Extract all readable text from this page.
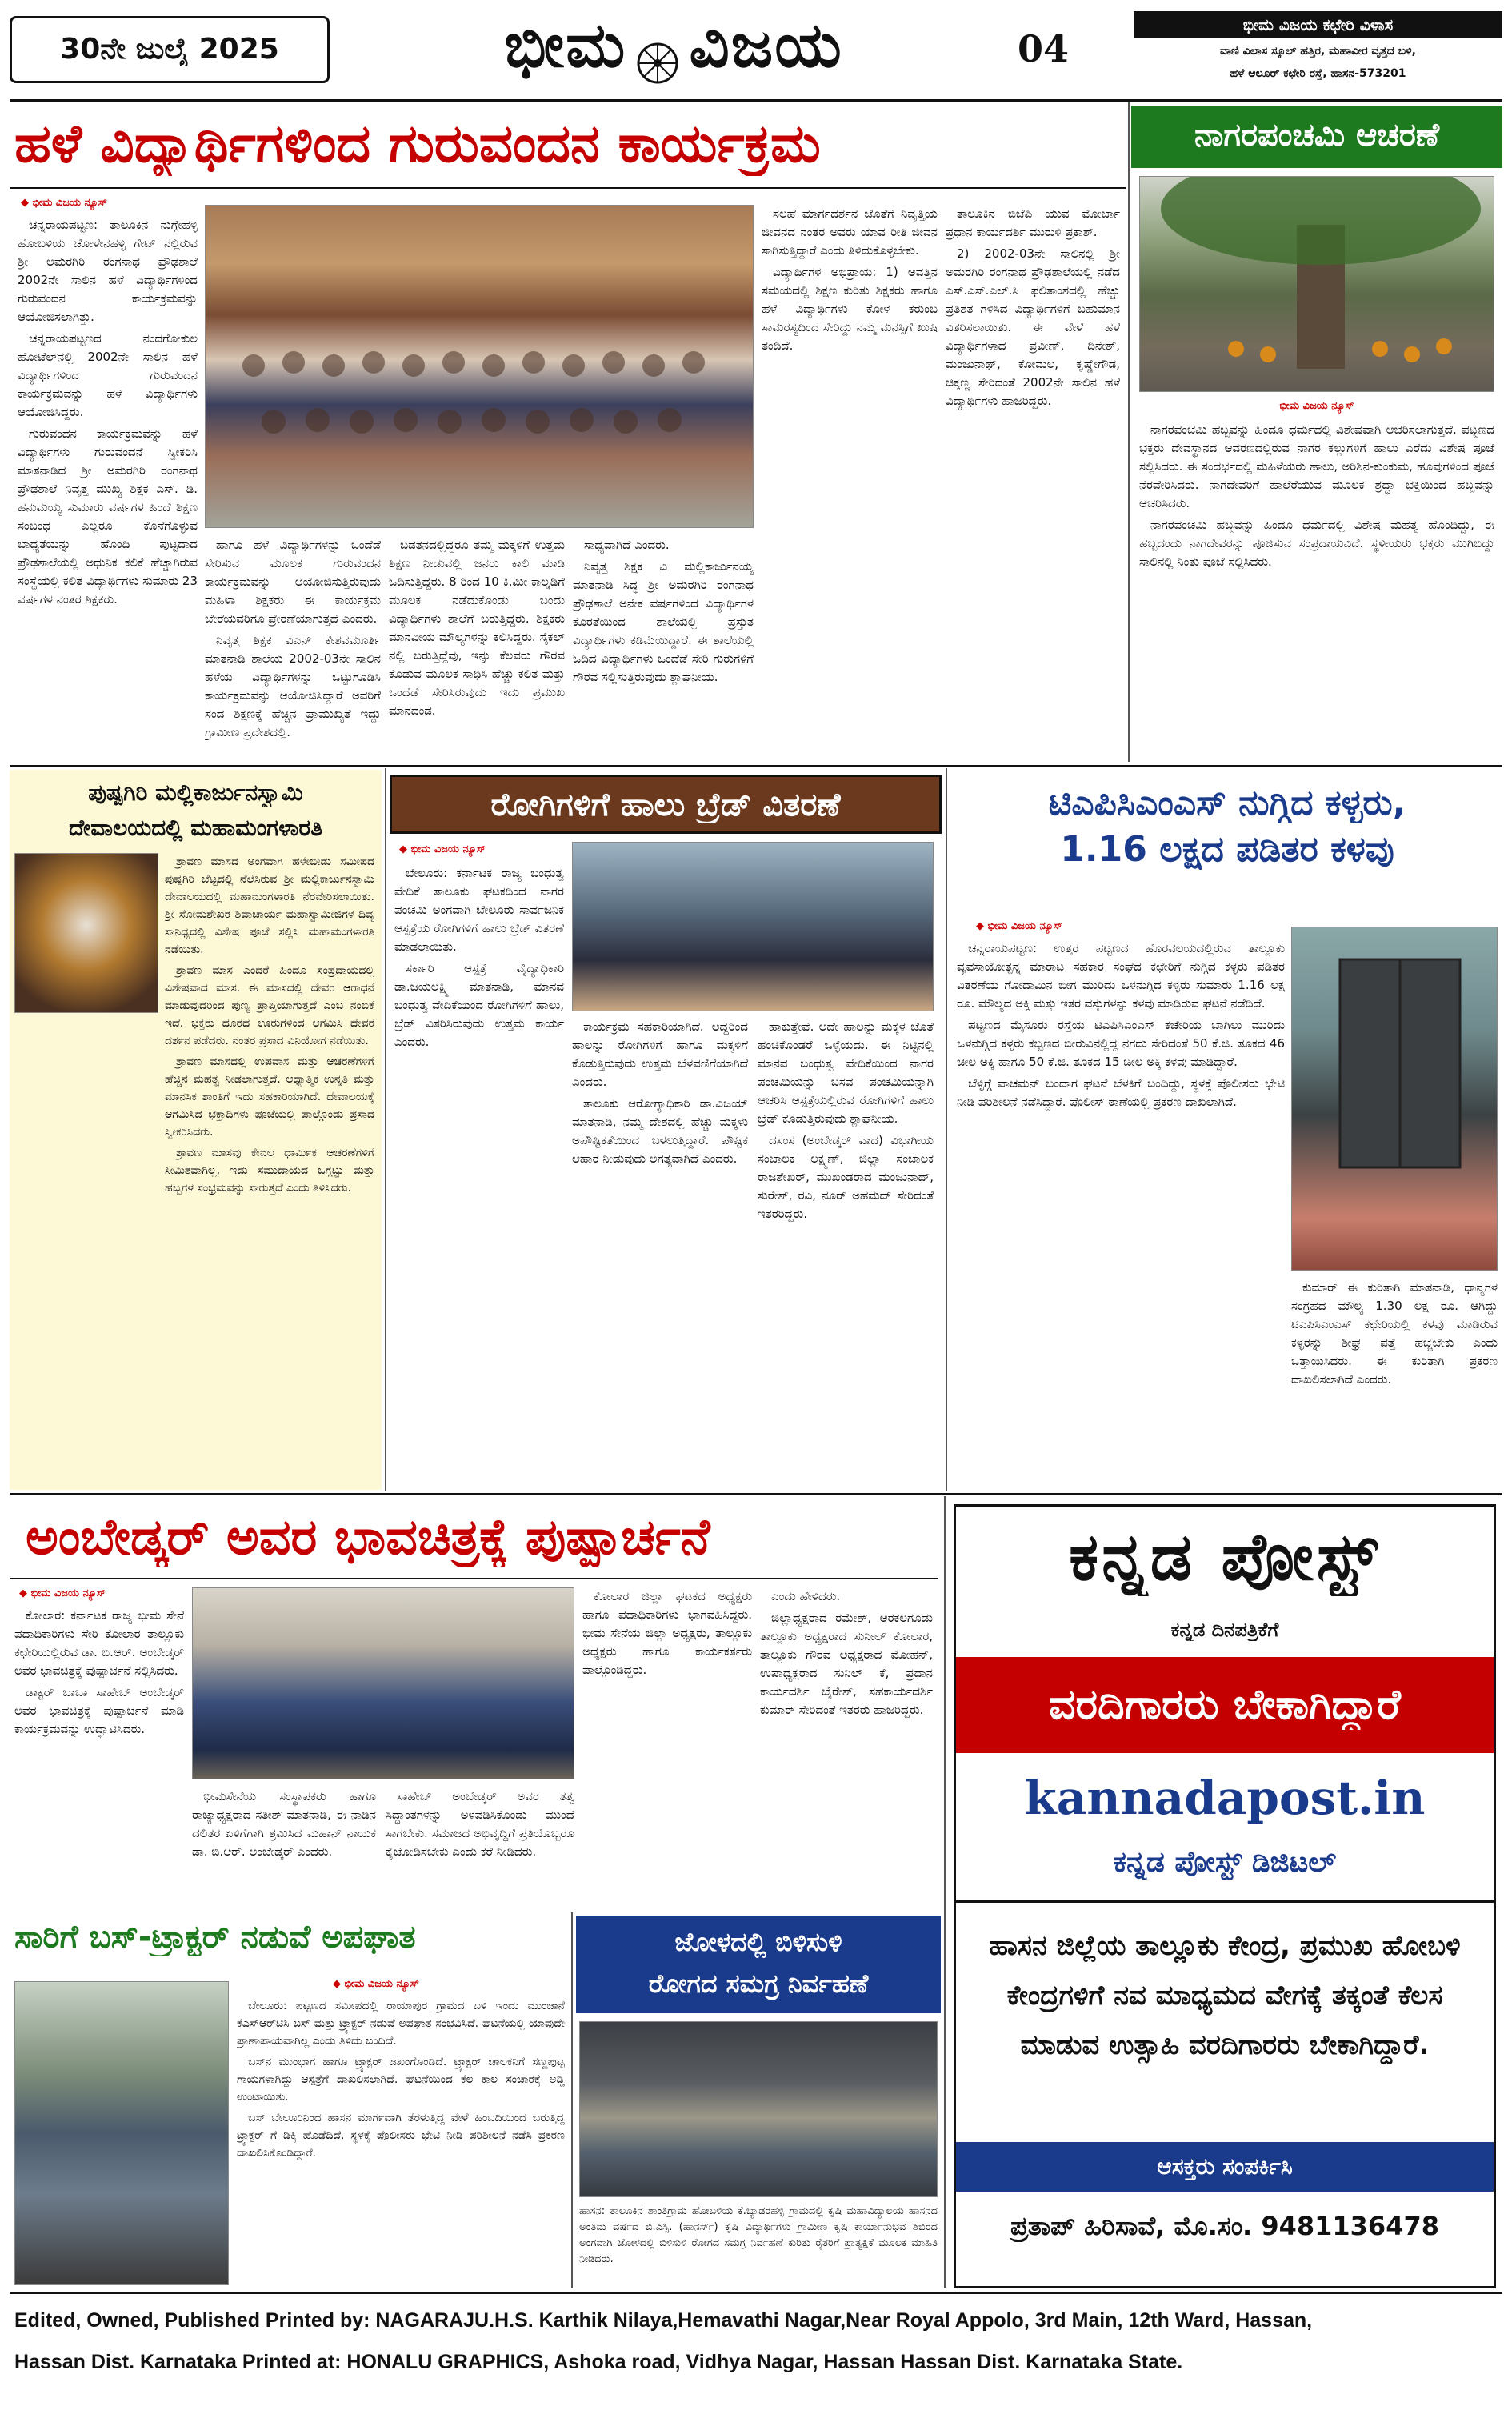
30ನೇ ಜುಲೈ 2025	ಭೀಮ ವಿಜಯ	04
ಭೀಮ ವಿಜಯ ಕಛೇರಿ ವಿಳಾಸ
ವಾಣಿ ವಿಲಾಸ ಸ್ಕೂಲ್ ಹತ್ತಿರ, ಮಹಾವೀರ ವೃತ್ತದ ಬಳಿ,
ಹಳೆ ಆಲೂರ್ ಕಛೇರಿ ರಸ್ತೆ, ಹಾಸನ-573201
ಹಳೆ ವಿದ್ಯಾರ್ಥಿಗಳಿಂದ ಗುರುವಂದನ ಕಾರ್ಯಕ್ರಮ
◆ ಭೀಮ ವಿಜಯ ನ್ಯೂಸ್

ಚನ್ನರಾಯಪಟ್ಟಣ: ತಾಲೂಕಿನ ನುಗ್ಗೇಹಳ್ಳಿ ಹೋಬಳಿಯ ಚೋಳೇನಹಳ್ಳಿ ಗೇಟ್ ನಲ್ಲಿರುವ ಶ್ರೀ ಅಮರಗಿರಿ ರಂಗನಾಥ ಪ್ರೌಢಶಾಲೆ 2002ನೇ ಸಾಲಿನ ಹಳೆ ವಿದ್ಯಾರ್ಥಿಗಳಿಂದ ಗುರುವಂದನ ಕಾರ್ಯಕ್ರಮವನ್ನು ಆಯೋಜಿಸಲಾಗಿತ್ತು.

ಚನ್ನರಾಯಪಟ್ಟಣದ ನಂದಗೋಕುಲ ಹೋಟೆಲ್‌ನಲ್ಲಿ 2002ನೇ ಸಾಲಿನ ಹಳೆ ವಿದ್ಯಾರ್ಥಿಗಳಿಂದ ಗುರುವಂದನ ಕಾರ್ಯಕ್ರಮವನ್ನು ಹಳೆ ವಿದ್ಯಾರ್ಥಿಗಳು ಆಯೋಜಿಸಿದ್ದರು.

ಗುರುವಂದನ ಕಾರ್ಯಕ್ರಮವನ್ನು ಹಳೆ ವಿದ್ಯಾರ್ಥಿಗಳು ಗುರುವಂದನೆ ಸ್ವೀಕರಿಸಿ ಮಾತನಾಡಿದ ಶ್ರೀ ಅಮರಗಿರಿ ರಂಗನಾಥ ಪ್ರೌಢಶಾಲೆ ನಿವೃತ್ತ ಮುಖ್ಯ ಶಿಕ್ಷಕ ಎಸ್. ಡಿ. ಹನುಮಯ್ಯ ಸುಮಾರು ವರ್ಷಗಳ ಹಿಂದೆ ಶಿಕ್ಷಣ ಸಂಬಂಧ ಎಲ್ಲರೂ ಕೊನೆಗೊಳ್ಳುವ ಬಾಧ್ಯತೆಯನ್ನು ಹೊಂದಿ ಪುಟ್ಟದಾದ ಪ್ರೌಢಶಾಲೆಯಲ್ಲಿ ಅಧುನಿಕ ಕಲಿಕೆ ಹೆಚ್ಚಾಗಿರುವ ಸಂಸ್ಥೆಯಲ್ಲಿ ಕಲಿತ ವಿದ್ಯಾರ್ಥಿಗಳು ಸುಮಾರು 23 ವರ್ಷಗಳ ನಂತರ ಶಿಕ್ಷಕರು.

ಹಾಗೂ ಹಳೆ ವಿದ್ಯಾರ್ಥಿಗಳನ್ನು ಒಂದೆಡೆ ಸೇರಿಸುವ ಮೂಲಕ ಗುರುವಂದನ ಕಾರ್ಯಕ್ರಮವನ್ನು ಆಯೋಜಿಸುತ್ತಿರುವುದು ಮಹಿಳಾ ಶಿಕ್ಷಕರು ಈ ಕಾರ್ಯಕ್ರಮ ಬೇರೆಯವರಿಗೂ ಪ್ರೇರಣೆಯಾಗುತ್ತದೆ ಎಂದರು.

ನಿವೃತ್ತ ಶಿಕ್ಷಕ ವಿಎನ್ ಕೇಶವಮೂರ್ತಿ ಮಾತನಾಡಿ ಶಾಲೆಯ 2002-03ನೇ ಸಾಲಿನ ಹಳೆಯ ವಿದ್ಯಾರ್ಥಿಗಳನ್ನು ಒಟ್ಟುಗೂಡಿಸಿ ಕಾರ್ಯಕ್ರಮವನ್ನು ಆಯೋಜಿಸಿದ್ದಾರೆ ಅವರಿಗೆ ಸಂದ ಶಿಕ್ಷಣಕ್ಕೆ ಹೆಚ್ಚಿನ ಪ್ರಾಮುಖ್ಯತೆ ಇದ್ದು ಗ್ರಾಮೀಣ ಪ್ರದೇಶದಲ್ಲಿ.

ಬಡತನದಲ್ಲಿದ್ದರೂ ತಮ್ಮ ಮಕ್ಕಳಿಗೆ ಉತ್ತಮ ಶಿಕ್ಷಣ ನೀಡುವಲ್ಲಿ ಜನರು ಕಾಲಿ ಮಾಡಿ ಓದಿಸುತ್ತಿದ್ದರು. 8 ರಿಂದ 10 ಕಿ.ಮೀ ಕಾಲ್ನಡಿಗೆ ಮೂಲಕ ನಡೆದುಕೊಂಡು ಬಂದು ವಿದ್ಯಾರ್ಥಿಗಳು ಶಾಲೆಗೆ ಬರುತ್ತಿದ್ದರು. ಶಿಕ್ಷಕರು ಮಾನವೀಯ ಮೌಲ್ಯಗಳನ್ನು ಕಲಿಸಿದ್ದರು. ಸೈಕಲ್ ನಲ್ಲಿ ಬರುತ್ತಿದ್ದೆವು, ಇನ್ನು ಕೆಲವರು ಗೌರವ ಕೊಡುವ ಮೂಲಕ ಸಾಧಿಸಿ ಹೆಚ್ಚು ಕಲಿತ ಮತ್ತು ಒಂದೆಡೆ ಸೇರಿಸಿರುವುದು ಇದು ಪ್ರಮುಖ ಮಾನದಂಡ.

ಸಾಧ್ಯವಾಗಿದೆ ಎಂದರು.

ನಿವೃತ್ತ ಶಿಕ್ಷಕ ವಿ ಮಲ್ಲಿಕಾರ್ಜುನಯ್ಯ ಮಾತನಾಡಿ ಸಿದ್ಧ ಶ್ರೀ ಅಮರಗಿರಿ ರಂಗನಾಥ ಪ್ರೌಢಶಾಲೆ ಅನೇಕ ವರ್ಷಗಳಿಂದ ವಿದ್ಯಾರ್ಥಿಗಳ ಕೊರತೆಯಿಂದ ಶಾಲೆಯಲ್ಲಿ ಪ್ರಸ್ತುತ ವಿದ್ಯಾರ್ಥಿಗಳು ಕಡಿಮೆಯಿದ್ದಾರೆ. ಈ ಶಾಲೆಯಲ್ಲಿ ಓದಿದ ವಿದ್ಯಾರ್ಥಿಗಳು ಒಂದೆಡೆ ಸೇರಿ ಗುರುಗಳಿಗೆ ಗೌರವ ಸಲ್ಲಿಸುತ್ತಿರುವುದು ಶ್ಲಾಘನೀಯ.

ಸಲಹೆ ಮಾರ್ಗದರ್ಶನ ಜೊತೆಗೆ ನಿವೃತ್ತಿಯ ಜೀವನದ ನಂತರ ಅವರು ಯಾವ ರೀತಿ ಜೀವನ ಸಾಗಿಸುತ್ತಿದ್ದಾರೆ ಎಂದು ತಿಳಿದುಕೊಳ್ಳಬೇಕು.

ವಿದ್ಯಾರ್ಥಿಗಳ ಅಭಿಪ್ರಾಯ: 1) ಅವತ್ತಿನ ಸಮಯದಲ್ಲಿ ಶಿಕ್ಷಣ ಕುರಿತು ಶಿಕ್ಷಕರು ಹಾಗೂ ಹಳೆ ವಿದ್ಯಾರ್ಥಿಗಳು ಕೋಳ ಕರುಂಬ ಸಾಮರಸ್ಯದಿಂದ ಸೇರಿದ್ದು ನಮ್ಮ ಮನಸ್ಸಿಗೆ ಖುಷಿ ತಂದಿದೆ.

ತಾಲೂಕಿನ ಬಿಜೆಪಿ ಯುವ ಮೋರ್ಚಾ ಪ್ರಧಾನ ಕಾರ್ಯದರ್ಶಿ ಮುರುಳಿ ಪ್ರಕಾಶ್.

2) 2002-03ನೇ ಸಾಲಿನಲ್ಲಿ ಶ್ರೀ ಅಮರಗಿರಿ ರಂಗನಾಥ ಪ್ರೌಢಶಾಲೆಯಲ್ಲಿ ನಡೆದ ಎಸ್.ಎಸ್.ಎಲ್.ಸಿ ಫಲಿತಾಂಶದಲ್ಲಿ ಹೆಚ್ಚು ಪ್ರತಿಶತ ಗಳಿಸಿದ ವಿದ್ಯಾರ್ಥಿಗಳಿಗೆ ಬಹುಮಾನ ವಿತರಿಸಲಾಯಿತು. ಈ ವೇಳೆ ಹಳೆ ವಿದ್ಯಾರ್ಥಿಗಳಾದ ಪ್ರವೀಣ್, ದಿನೇಶ್, ಮಂಜುನಾಥ್, ಕೋಮಲ, ಕೃಷ್ಣೇಗೌಡ, ಚಿಕ್ಕಣ್ಣ ಸೇರಿದಂತೆ 2002ನೇ ಸಾಲಿನ ಹಳೆ ವಿದ್ಯಾರ್ಥಿಗಳು ಹಾಜರಿದ್ದರು.

ನಾಗರಪಂಚಮಿ ಆಚರಣೆ
ಭೀಮ ವಿಜಯ ನ್ಯೂಸ್

ನಾಗರಪಂಚಮಿ ಹಬ್ಬವನ್ನು ಹಿಂದೂ ಧರ್ಮದಲ್ಲಿ ವಿಶೇಷವಾಗಿ ಆಚರಿಸಲಾಗುತ್ತದೆ. ಪಟ್ಟಣದ ಭಕ್ತರು ದೇವಸ್ಥಾನದ ಆವರಣದಲ್ಲಿರುವ ನಾಗರ ಕಲ್ಲುಗಳಿಗೆ ಹಾಲು ಎರೆದು ವಿಶೇಷ ಪೂಜೆ ಸಲ್ಲಿಸಿದರು. ಈ ಸಂದರ್ಭದಲ್ಲಿ ಮಹಿಳೆಯರು ಹಾಲು, ಅರಿಶಿನ-ಕುಂಕುಮ, ಹೂವುಗಳಿಂದ ಪೂಜೆ ನೆರವೇರಿಸಿದರು. ನಾಗದೇವರಿಗೆ ಹಾಲೆರೆಯುವ ಮೂಲಕ ಶ್ರದ್ಧಾ ಭಕ್ತಿಯಿಂದ ಹಬ್ಬವನ್ನು ಆಚರಿಸಿದರು.

ನಾಗರಪಂಚಮಿ ಹಬ್ಬವನ್ನು ಹಿಂದೂ ಧರ್ಮದಲ್ಲಿ ವಿಶೇಷ ಮಹತ್ವ ಹೊಂದಿದ್ದು, ಈ ಹಬ್ಬದಂದು ನಾಗದೇವರನ್ನು ಪೂಜಿಸುವ ಸಂಪ್ರದಾಯವಿದೆ. ಸ್ಥಳೀಯರು ಭಕ್ತರು ಮುಗಿಬಿದ್ದು ಸಾಲಿನಲ್ಲಿ ನಿಂತು ಪೂಜೆ ಸಲ್ಲಿಸಿದರು.

ಪುಷ್ಪಗಿರಿ ಮಲ್ಲಿಕಾರ್ಜುನಸ್ವಾಮಿ
ದೇವಾಲಯದಲ್ಲಿ ಮಹಾಮಂಗಳಾರತಿ

ಶ್ರಾವಣ ಮಾಸದ ಅಂಗವಾಗಿ ಹಳೇಬೀಡು ಸಮೀಪದ ಪುಷ್ಪಗಿರಿ ಬೆಟ್ಟದಲ್ಲಿ ನೆಲೆಸಿರುವ ಶ್ರೀ ಮಲ್ಲಿಕಾರ್ಜುನಸ್ವಾಮಿ ದೇವಾಲಯದಲ್ಲಿ ಮಹಾಮಂಗಳಾರತಿ ನೆರವೇರಿಸಲಾಯಿತು. ಶ್ರೀ ಸೋಮಶೇಖರ ಶಿವಾಚಾರ್ಯ ಮಹಾಸ್ವಾಮೀಜಿಗಳ ದಿವ್ಯ ಸಾನಿಧ್ಯದಲ್ಲಿ ವಿಶೇಷ ಪೂಜೆ ಸಲ್ಲಿಸಿ ಮಹಾಮಂಗಳಾರತಿ ನಡೆಯಿತು.

ಶ್ರಾವಣ ಮಾಸ ಎಂದರೆ ಹಿಂದೂ ಸಂಪ್ರದಾಯದಲ್ಲಿ ವಿಶೇಷವಾದ ಮಾಸ. ಈ ಮಾಸದಲ್ಲಿ ದೇವರ ಆರಾಧನೆ ಮಾಡುವುದರಿಂದ ಪುಣ್ಯ ಪ್ರಾಪ್ತಿಯಾಗುತ್ತದೆ ಎಂಬ ನಂಬಿಕೆ ಇದೆ. ಭಕ್ತರು ದೂರದ ಊರುಗಳಿಂದ ಆಗಮಿಸಿ ದೇವರ ದರ್ಶನ ಪಡೆದರು. ನಂತರ ಪ್ರಸಾದ ವಿನಿಯೋಗ ನಡೆಯಿತು.

ಶ್ರಾವಣ ಮಾಸದಲ್ಲಿ ಉಪವಾಸ ಮತ್ತು ಆಚರಣೆಗಳಿಗೆ ಹೆಚ್ಚಿನ ಮಹತ್ವ ನೀಡಲಾಗುತ್ತದೆ. ಆಧ್ಯಾತ್ಮಿಕ ಉನ್ನತಿ ಮತ್ತು ಮಾನಸಿಕ ಶಾಂತಿಗೆ ಇದು ಸಹಕಾರಿಯಾಗಿದೆ. ದೇವಾಲಯಕ್ಕೆ ಆಗಮಿಸಿದ ಭಕ್ತಾದಿಗಳು ಪೂಜೆಯಲ್ಲಿ ಪಾಲ್ಗೊಂಡು ಪ್ರಸಾದ ಸ್ವೀಕರಿಸಿದರು.

ಶ್ರಾವಣ ಮಾಸವು ಕೇವಲ ಧಾರ್ಮಿಕ ಆಚರಣೆಗಳಿಗೆ ಸೀಮಿತವಾಗಿಲ್ಲ, ಇದು ಸಮುದಾಯದ ಒಗ್ಗಟ್ಟು ಮತ್ತು ಹಬ್ಬಗಳ ಸಂಭ್ರಮವನ್ನು ಸಾರುತ್ತದೆ ಎಂದು ತಿಳಿಸಿದರು.

ರೋಗಿಗಳಿಗೆ ಹಾಲು ಬ್ರೆಡ್ ವಿತರಣೆ
◆ ಭೀಮ ವಿಜಯ ನ್ಯೂಸ್

ಬೇಲೂರು: ಕರ್ನಾಟಕ ರಾಜ್ಯ ಬಂಧುತ್ವ ವೇದಿಕೆ ತಾಲೂಕು ಘಟಕದಿಂದ ನಾಗರ ಪಂಚಮಿ ಅಂಗವಾಗಿ ಬೇಲೂರು ಸಾರ್ವಜನಿಕ ಆಸ್ಪತ್ರೆಯ ರೋಗಿಗಳಿಗೆ ಹಾಲು ಬ್ರೆಡ್ ವಿತರಣೆ ಮಾಡಲಾಯಿತು.

ಸರ್ಕಾರಿ ಆಸ್ಪತ್ರೆ ವೈದ್ಯಾಧಿಕಾರಿ ಡಾ.ಜಯಲಕ್ಷ್ಮಿ ಮಾತನಾಡಿ, ಮಾನವ ಬಂಧುತ್ವ ವೇದಿಕೆಯಿಂದ ರೋಗಿಗಳಿಗೆ ಹಾಲು, ಬ್ರೆಡ್ ವಿತರಿಸಿರುವುದು ಉತ್ತಮ ಕಾರ್ಯ ಎಂದರು.

ಕಾರ್ಯಕ್ರಮ ಸಹಕಾರಿಯಾಗಿದೆ. ಅದ್ದರಿಂದ ಹಾಲನ್ನು ರೋಗಿಗಳಿಗೆ ಹಾಗೂ ಮಕ್ಕಳಿಗೆ ಕೊಡುತ್ತಿರುವುದು ಉತ್ತಮ ಬೆಳವಣಿಗೆಯಾಗಿದೆ ಎಂದರು.

ತಾಲೂಕು ಆರೋಗ್ಯಾಧಿಕಾರಿ ಡಾ.ವಿಜಯ್ ಮಾತನಾಡಿ, ನಮ್ಮ ದೇಶದಲ್ಲಿ ಹೆಚ್ಚು ಮಕ್ಕಳು ಅಪೌಷ್ಟಿಕತೆಯಿಂದ ಬಳಲುತ್ತಿದ್ದಾರೆ. ಪೌಷ್ಟಿಕ ಆಹಾರ ನೀಡುವುದು ಅಗತ್ಯವಾಗಿದೆ ಎಂದರು.

ಹಾಕುತ್ತೇವೆ. ಅದೇ ಹಾಲನ್ನು ಮಕ್ಕಳ ಜೊತೆ ಹಂಚಿಕೊಂಡರೆ ಒಳ್ಳೆಯದು. ಈ ನಿಟ್ಟಿನಲ್ಲಿ ಮಾನವ ಬಂಧುತ್ವ ವೇದಿಕೆಯಿಂದ ನಾಗರ ಪಂಚಮಿಯನ್ನು ಬಸವ ಪಂಚಮಿಯನ್ನಾಗಿ ಆಚರಿಸಿ ಆಸ್ಪತ್ರೆಯಲ್ಲಿರುವ ರೋಗಿಗಳಿಗೆ ಹಾಲು ಬ್ರೆಡ್ ಕೊಡುತ್ತಿರುವುದು ಶ್ಲಾಘನೀಯ.

ದಸಂಸ (ಅಂಬೇಡ್ಕರ್ ವಾದ) ವಿಭಾಗೀಯ ಸಂಚಾಲಕ ಲಕ್ಷ್ಮಣ್, ಜಿಲ್ಲಾ ಸಂಚಾಲಕ ರಾಜಶೇಖರ್, ಮುಖಂಡರಾದ ಮಂಜುನಾಥ್, ಸುರೇಶ್, ರವಿ, ನೂರ್ ಅಹಮದ್ ಸೇರಿದಂತೆ ಇತರರಿದ್ದರು.

ಟಿಎಪಿಸಿಎಂಎಸ್ ನುಗ್ಗಿದ ಕಳ್ಳರು,
1.16 ಲಕ್ಷದ ಪಡಿತರ ಕಳವು
◆ ಭೀಮ ವಿಜಯ ನ್ಯೂಸ್

ಚನ್ನರಾಯಪಟ್ಟಣ: ಉತ್ತರ ಪಟ್ಟಣದ ಹೊರವಲಯದಲ್ಲಿರುವ ತಾಲ್ಲೂಕು ವ್ಯವಸಾಯೋತ್ಪನ್ನ ಮಾರಾಟ ಸಹಕಾರ ಸಂಘದ ಕಛೇರಿಗೆ ನುಗ್ಗಿದ ಕಳ್ಳರು ಪಡಿತರ ವಿತರಣೆಯ ಗೋದಾಮಿನ ಬೀಗ ಮುರಿದು ಒಳನುಗ್ಗಿದ ಕಳ್ಳರು ಸುಮಾರು 1.16 ಲಕ್ಷ ರೂ. ಮೌಲ್ಯದ ಅಕ್ಕಿ ಮತ್ತು ಇತರ ವಸ್ತುಗಳನ್ನು ಕಳವು ಮಾಡಿರುವ ಘಟನೆ ನಡೆದಿದೆ.

ಪಟ್ಟಣದ ಮೈಸೂರು ರಸ್ತೆಯ ಟಿಎಪಿಸಿಎಂಎಸ್ ಕಚೇರಿಯ ಬಾಗಿಲು ಮುರಿದು ಒಳನುಗ್ಗಿದ ಕಳ್ಳರು ಕಬ್ಬಿಣದ ಬೀರುವಿನಲ್ಲಿದ್ದ ನಗದು ಸೇರಿದಂತೆ 50 ಕೆ.ಜಿ. ತೂಕದ 46 ಚೀಲ ಅಕ್ಕಿ ಹಾಗೂ 50 ಕೆ.ಜಿ. ತೂಕದ 15 ಚೀಲ ಅಕ್ಕಿ ಕಳವು ಮಾಡಿದ್ದಾರೆ.

ಬೆಳ್ಳಿಗ್ಗೆ ವಾಚಮನ್ ಬಂದಾಗ ಘಟನೆ ಬೆಳಕಿಗೆ ಬಂದಿದ್ದು, ಸ್ಥಳಕ್ಕೆ ಪೊಲೀಸರು ಭೇಟಿ ನೀಡಿ ಪರಿಶೀಲನೆ ನಡೆಸಿದ್ದಾರೆ. ಪೊಲೀಸ್ ಠಾಣೆಯಲ್ಲಿ ಪ್ರಕರಣ ದಾಖಲಾಗಿದೆ.

ಕುಮಾರ್ ಈ ಕುರಿತಾಗಿ ಮಾತನಾಡಿ, ಧಾನ್ಯಗಳ ಸಂಗ್ರಹದ ಮೌಲ್ಯ 1.30 ಲಕ್ಷ ರೂ. ಆಗಿದ್ದು ಟಿಎಪಿಸಿಎಂಎಸ್ ಕಛೇರಿಯಲ್ಲಿ ಕಳವು ಮಾಡಿರುವ ಕಳ್ಳರನ್ನು ಶೀಘ್ರ ಪತ್ತೆ ಹಚ್ಚಬೇಕು ಎಂದು ಒತ್ತಾಯಿಸಿದರು. ಈ ಕುರಿತಾಗಿ ಪ್ರಕರಣ ದಾಖಲಿಸಲಾಗಿದೆ ಎಂದರು.

ಅಂಬೇಡ್ಕರ್ ಅವರ ಭಾವಚಿತ್ರಕ್ಕೆ ಪುಷ್ಪಾರ್ಚನೆ
◆ ಭೀಮ ವಿಜಯ ನ್ಯೂಸ್

ಕೋಲಾರ: ಕರ್ನಾಟಕ ರಾಜ್ಯ ಭೀಮ ಸೇನೆ ಪದಾಧಿಕಾರಿಗಳು ಸೇರಿ ಕೋಲಾರ ತಾಲ್ಲೂಕು ಕಛೇರಿಯಲ್ಲಿರುವ ಡಾ. ಬಿ.ಆರ್. ಅಂಬೇಡ್ಕರ್ ಅವರ ಭಾವಚಿತ್ರಕ್ಕೆ ಪುಷ್ಪಾರ್ಚನೆ ಸಲ್ಲಿಸಿದರು.

ಡಾಕ್ಟರ್ ಬಾಬಾ ಸಾಹೇಬ್ ಅಂಬೇಡ್ಕರ್ ಅವರ ಭಾವಚಿತ್ರಕ್ಕೆ ಪುಷ್ಪಾರ್ಚನೆ ಮಾಡಿ ಕಾರ್ಯಕ್ರಮವನ್ನು ಉದ್ಘಾಟಿಸಿದರು.

ಭೀಮಸೇನೆಯ ಸಂಸ್ಥಾಪಕರು ಹಾಗೂ ರಾಜ್ಯಾಧ್ಯಕ್ಷರಾದ ಸತೀಶ್ ಮಾತನಾಡಿ, ಈ ನಾಡಿನ ದಲಿತರ ಏಳಿಗೆಗಾಗಿ ಶ್ರಮಿಸಿದ ಮಹಾನ್ ನಾಯಕ ಡಾ. ಬಿ.ಆರ್. ಅಂಬೇಡ್ಕರ್ ಎಂದರು.

ಸಾಹೇಬ್ ಅಂಬೇಡ್ಕರ್ ಅವರ ತತ್ವ ಸಿದ್ಧಾಂತಗಳನ್ನು ಅಳವಡಿಸಿಕೊಂಡು ಮುಂದೆ ಸಾಗಬೇಕು. ಸಮಾಜದ ಅಭಿವೃದ್ಧಿಗೆ ಪ್ರತಿಯೊಬ್ಬರೂ ಕೈಜೋಡಿಸಬೇಕು ಎಂದು ಕರೆ ನೀಡಿದರು.

ಕೋಲಾರ ಜಿಲ್ಲಾ ಘಟಕದ ಅಧ್ಯಕ್ಷರು ಹಾಗೂ ಪದಾಧಿಕಾರಿಗಳು ಭಾಗವಹಿಸಿದ್ದರು. ಭೀಮ ಸೇನೆಯ ಜಿಲ್ಲಾ ಅಧ್ಯಕ್ಷರು, ತಾಲ್ಲೂಕು ಅಧ್ಯಕ್ಷರು ಹಾಗೂ ಕಾರ್ಯಕರ್ತರು ಪಾಲ್ಗೊಂಡಿದ್ದರು.

ಎಂದು ಹೇಳಿದರು.

ಜಿಲ್ಲಾಧ್ಯಕ್ಷರಾದ ರಮೇಶ್, ಆರಕಲಗೂಡು ತಾಲ್ಲೂಕು ಅಧ್ಯಕ್ಷರಾದ ಸುನೀಲ್ ಕೋಲಾರ, ತಾಲ್ಲೂಕು ಗೌರವ ಅಧ್ಯಕ್ಷರಾದ ಮೋಹನ್, ಉಪಾಧ್ಯಕ್ಷರಾದ ಸುನಿಲ್ ಕೆ, ಪ್ರಧಾನ ಕಾರ್ಯದರ್ಶಿ ಬೈರೇಶ್, ಸಹಕಾರ್ಯದರ್ಶಿ ಕುಮಾರ್ ಸೇರಿದಂತೆ ಇತರರು ಹಾಜರಿದ್ದರು.

ಸಾರಿಗೆ ಬಸ್-ಟ್ರ್ಯಾಕ್ಟರ್ ನಡುವೆ ಅಪಘಾತ
◆ ಭೀಮ ವಿಜಯ ನ್ಯೂಸ್

ಬೇಲೂರು: ಪಟ್ಟಣದ ಸಮೀಪದಲ್ಲಿ ರಾಯಾಪುರ ಗ್ರಾಮದ ಬಳಿ ಇಂದು ಮುಂಜಾನೆ ಕೆಎಸ್ಆರ್‌ಟಿಸಿ ಬಸ್ ಮತ್ತು ಟ್ರ್ಯಾಕ್ಟರ್ ನಡುವೆ ಅಪಘಾತ ಸಂಭವಿಸಿದೆ. ಘಟನೆಯಲ್ಲಿ ಯಾವುದೇ ಪ್ರಾಣಾಪಾಯವಾಗಿಲ್ಲ ಎಂದು ತಿಳಿದು ಬಂದಿದೆ.

ಬಸ್‌ನ ಮುಂಭಾಗ ಹಾಗೂ ಟ್ರ್ಯಾಕ್ಟರ್ ಜಖಂಗೊಂಡಿದೆ. ಟ್ರ್ಯಾಕ್ಟರ್ ಚಾಲಕನಿಗೆ ಸಣ್ಣಪುಟ್ಟ ಗಾಯಗಳಾಗಿದ್ದು ಆಸ್ಪತ್ರೆಗೆ ದಾಖಲಿಸಲಾಗಿದೆ. ಘಟನೆಯಿಂದ ಕೆಲ ಕಾಲ ಸಂಚಾರಕ್ಕೆ ಅಡ್ಡಿ ಉಂಟಾಯಿತು.

ಬಸ್ ಬೇಲೂರಿನಿಂದ ಹಾಸನ ಮಾರ್ಗವಾಗಿ ತೆರಳುತ್ತಿದ್ದ ವೇಳೆ ಹಿಂಬದಿಯಿಂದ ಬರುತ್ತಿದ್ದ ಟ್ರ್ಯಾಕ್ಟರ್ ಗೆ ಡಿಕ್ಕಿ ಹೊಡೆದಿದೆ. ಸ್ಥಳಕ್ಕೆ ಪೊಲೀಸರು ಭೇಟಿ ನೀಡಿ ಪರಿಶೀಲನೆ ನಡೆಸಿ ಪ್ರಕರಣ ದಾಖಲಿಸಿಕೊಂಡಿದ್ದಾರೆ.

ಜೋಳದಲ್ಲಿ ಬಿಳಿಸುಳಿ
ರೋಗದ ಸಮಗ್ರ ನಿರ್ವಹಣೆ
ಹಾಸನ: ತಾಲೂಕಿನ ಶಾಂತಿಗ್ರಾಮ ಹೋಬಳಿಯ ಕೆ.ಬ್ಯಾಡರಹಳ್ಳಿ ಗ್ರಾಮದಲ್ಲಿ ಕೃಷಿ ಮಹಾವಿದ್ಯಾಲಯ ಹಾಸನದ ಅಂತಿಮ ವರ್ಷದ ಬಿ.ಎಸ್ಸಿ. (ಹಾನರ್ಸ್) ಕೃಷಿ ವಿದ್ಯಾರ್ಥಿಗಳು ಗ್ರಾಮೀಣ ಕೃಷಿ ಕಾರ್ಯಾನುಭವ ಶಿಬಿರದ ಅಂಗವಾಗಿ ಜೋಳದಲ್ಲಿ ಬಿಳಿಸುಳಿ ರೋಗದ ಸಮಗ್ರ ನಿರ್ವಹಣೆ ಕುರಿತು ರೈತರಿಗೆ ಪ್ರಾತ್ಯಕ್ಷಿಕೆ ಮೂಲಕ ಮಾಹಿತಿ ನೀಡಿದರು.
ಕನ್ನಡ ಪೋಸ್ಟ್
ಕನ್ನಡ ದಿನಪತ್ರಿಕೆಗೆ
ವರದಿಗಾರರು ಬೇಕಾಗಿದ್ದಾರೆ
kannadapost.in
ಕನ್ನಡ ಪೋಸ್ಟ್ ಡಿಜಿಟಲ್
ಹಾಸನ ಜಿಲ್ಲೆಯ ತಾಲ್ಲೂಕು ಕೇಂದ್ರ, ಪ್ರಮುಖ ಹೋಬಳಿ ಕೇಂದ್ರಗಳಿಗೆ ನವ ಮಾಧ್ಯಮದ ವೇಗಕ್ಕೆ ತಕ್ಕಂತೆ ಕೆಲಸ ಮಾಡುವ ಉತ್ಸಾಹಿ ವರದಿಗಾರರು ಬೇಕಾಗಿದ್ದಾರೆ.
ಆಸಕ್ತರು ಸಂಪರ್ಕಿಸಿ
ಪ್ರತಾಪ್ ಹಿರಿಸಾವೆ, ಮೊ.ಸಂ. 9481136478
Edited, Owned, Published Printed by: NAGARAJU.H.S. Karthik Nilaya,Hemavathi Nagar,Near Royal Appolo, 3rd Main, 12th Ward, Hassan,
Hassan Dist. Karnataka Printed at: HONALU GRAPHICS, Ashoka road, Vidhya Nagar, Hassan Hassan Dist. Karnataka State.
